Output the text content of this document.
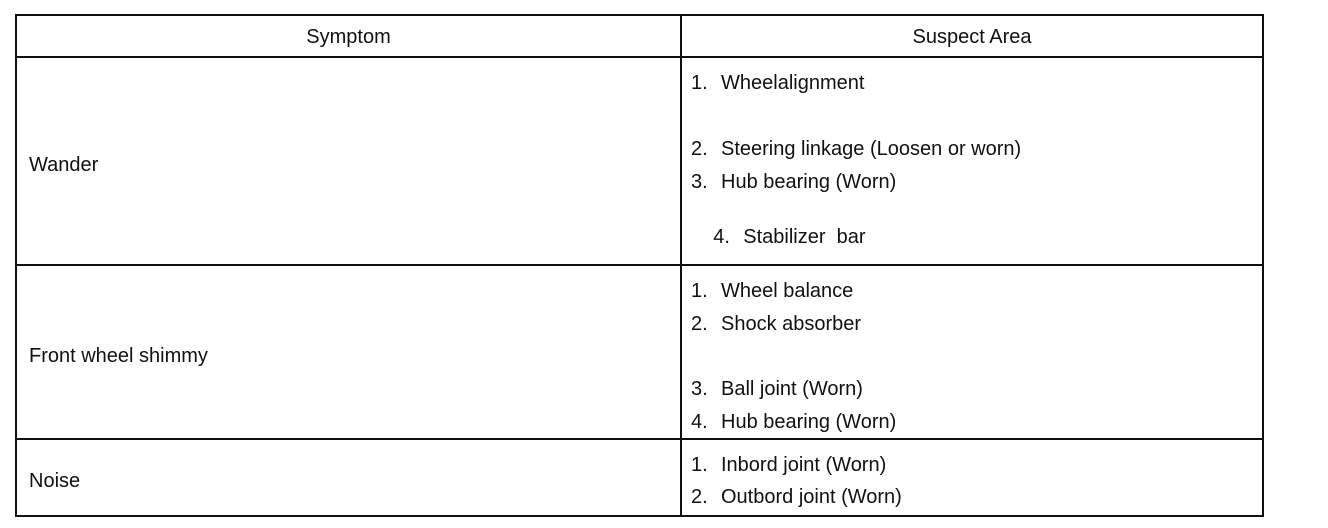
Symptom	Suspect Area
Wander
1. Wheelalignment
2. Steering linkage (Loosen or worn)
3. Hub bearing (Worn)

4. Stabilizer  bar

Front wheel shimmy
1. Wheel balance
2. Shock absorber
3. Ball joint (Worn)
4. Hub bearing (Worn)
Noise
1. Inbord joint (Worn)
2. Outbord joint (Worn)
